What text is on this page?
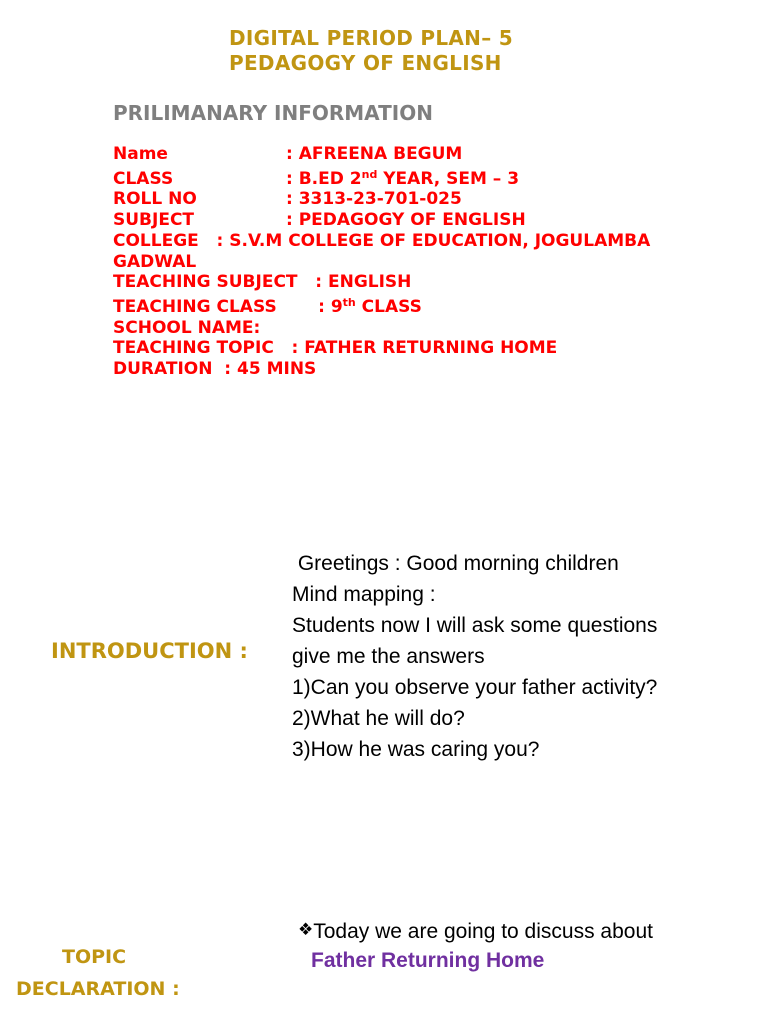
DIGITAL PERIOD PLAN– 5
PEDAGOGY OF ENGLISH
PRILIMANARY INFORMATION
Name	: AFREENA BEGUM
CLASS	: B.ED 2nd YEAR, SEM – 3
ROLL NO	: 3313-23-701-025
SUBJECT	: PEDAGOGY OF ENGLISH
COLLEGE   : S.V.M COLLEGE OF EDUCATION, JOGULAMBA GADWAL
TEACHING SUBJECT   : ENGLISH
TEACHING CLASS       : 9th CLASS
SCHOOL NAME:
TEACHING TOPIC   : FATHER RETURNING HOME
DURATION  : 45 MINS
INTRODUCTION :
Greetings : Good morning children
Mind mapping :
Students now I will ask some questions
give me the answers
1)Can you observe your father activity?
2)What he will do?
3)How he was caring you?
TOPIC
DECLARATION :
❖Today we are going to discuss about
Father Returning Home
